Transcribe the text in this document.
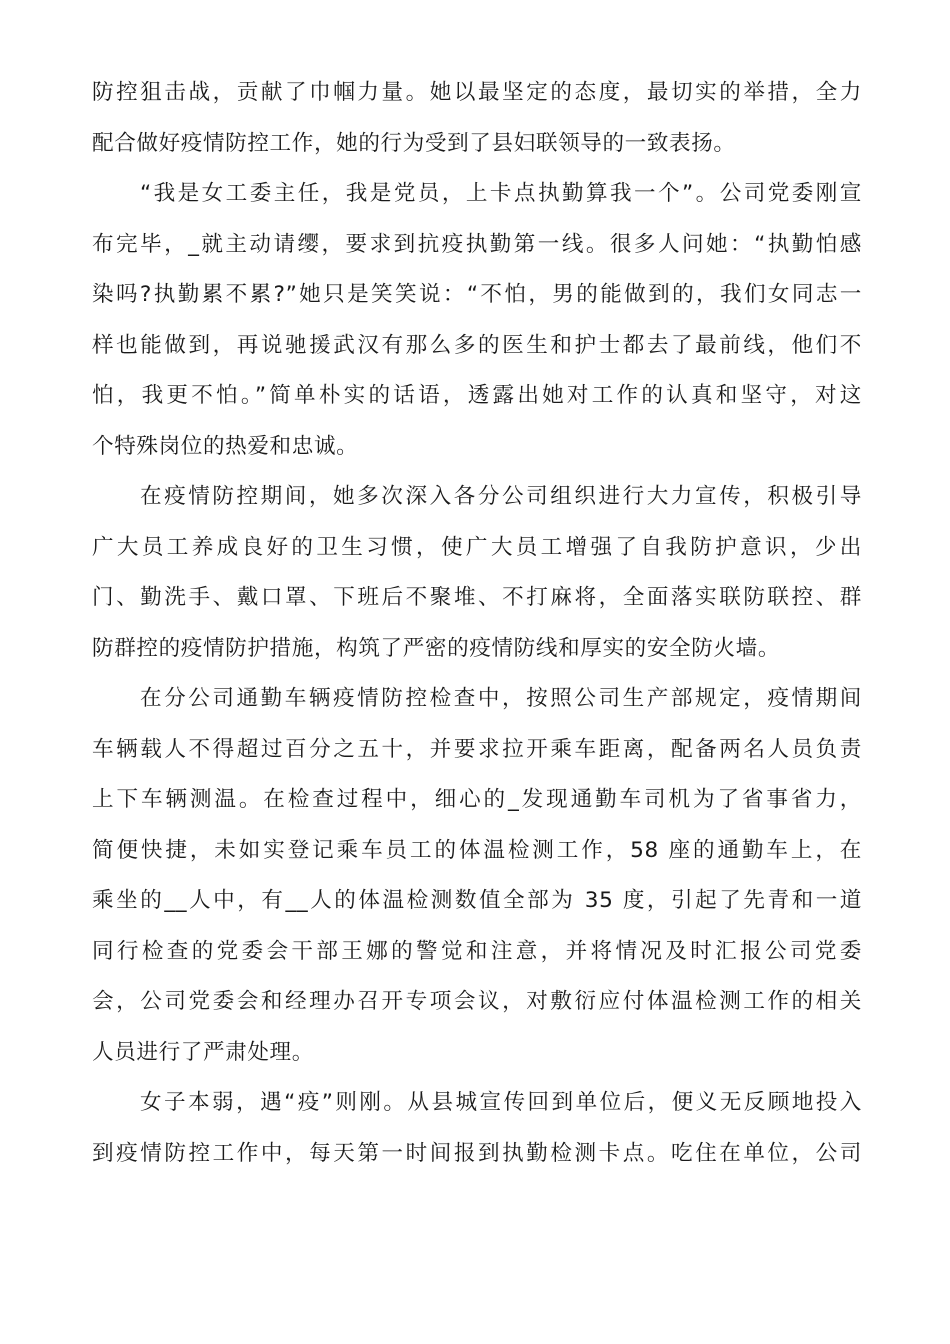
防控狙击战，贡献了巾帼力量。她以最坚定的态度，最切实的举措，全力
配合做好疫情防控工作，她的行为受到了县妇联领导的一致表扬。
“我是女工委主任，我是党员，上卡点执勤算我一个”。公司党委刚宣
布完毕，_就主动请缨，要求到抗疫执勤第一线。很多人问她：“执勤怕感
染吗?执勤累不累?”她只是笑笑说：“不怕，男的能做到的，我们女同志一
样也能做到，再说驰援武汉有那么多的医生和护士都去了最前线，他们不
怕，我更不怕。”简单朴实的话语，透露出她对工作的认真和坚守，对这
个特殊岗位的热爱和忠诚。
在疫情防控期间，她多次深入各分公司组织进行大力宣传，积极引导
广大员工养成良好的卫生习惯，使广大员工增强了自我防护意识，少出
门、勤洗手、戴口罩、下班后不聚堆、不打麻将，全面落实联防联控、群
防群控的疫情防护措施，构筑了严密的疫情防线和厚实的安全防火墙。
在分公司通勤车辆疫情防控检查中，按照公司生产部规定，疫情期间
车辆载人不得超过百分之五十，并要求拉开乘车距离，配备两名人员负责
上下车辆测温。在检查过程中，细心的_发现通勤车司机为了省事省力，
简便快捷，未如实登记乘车员工的体温检测工作，58 座的通勤车上，在
乘坐的__人中，有__人的体温检测数值全部为 35 度，引起了先青和一道
同行检查的党委会干部王娜的警觉和注意，并将情况及时汇报公司党委
会，公司党委会和经理办召开专项会议，对敷衍应付体温检测工作的相关
人员进行了严肃处理。
女子本弱，遇“疫”则刚。从县城宣传回到单位后，便义无反顾地投入
到疫情防控工作中，每天第一时间报到执勤检测卡点。吃住在单位，公司
